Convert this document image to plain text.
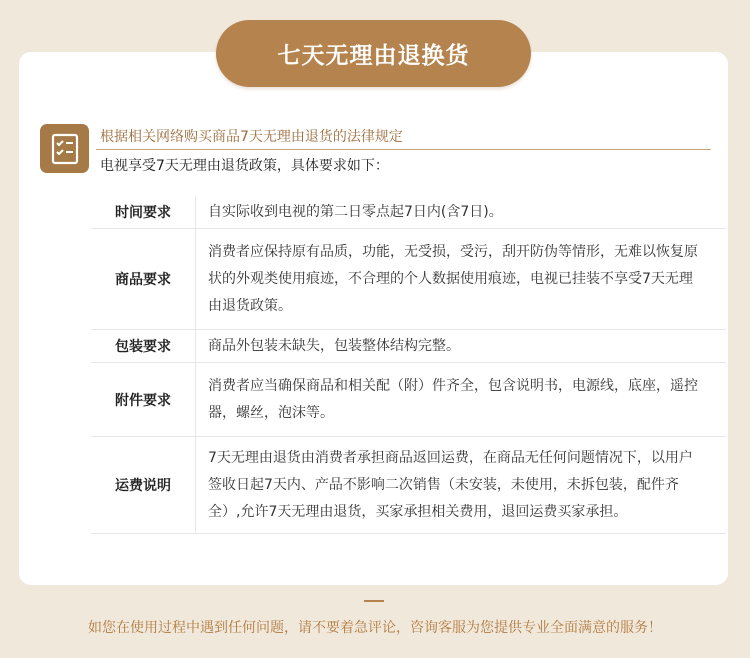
七天无理由退换货
根据相关网络购买商品7天无理由退货的法律规定
电视享受7天无理由退货政策，具体要求如下：
时间要求	自实际收到电视的第二日零点起7日内(含7日)。
商品要求
消费者应保持原有品质，功能，无受损，受污，刮开防伪等情形，无难以恢复原状的外观类使用痕迹，不合理的个人数据使用痕迹，电视已挂装不享受7天无理由退货政策。
包装要求	商品外包装未缺失，包装整体结构完整。
附件要求
消费者应当确保商品和相关配（附）件齐全，包含说明书，电源线，底座，遥控器，螺丝，泡沫等。
运费说明
7天无理由退货由消费者承担商品返回运费，在商品无任何问题情况下，以用户签收日起7天内、产品不影响二次销售（未安装，未使用，未拆包装，配件齐全）,允许7天无理由退货，买家承担相关费用，退回运费买家承担。
如您在使用过程中遇到任何问题，请不要着急评论，咨询客服为您提供专业全面满意的服务！
